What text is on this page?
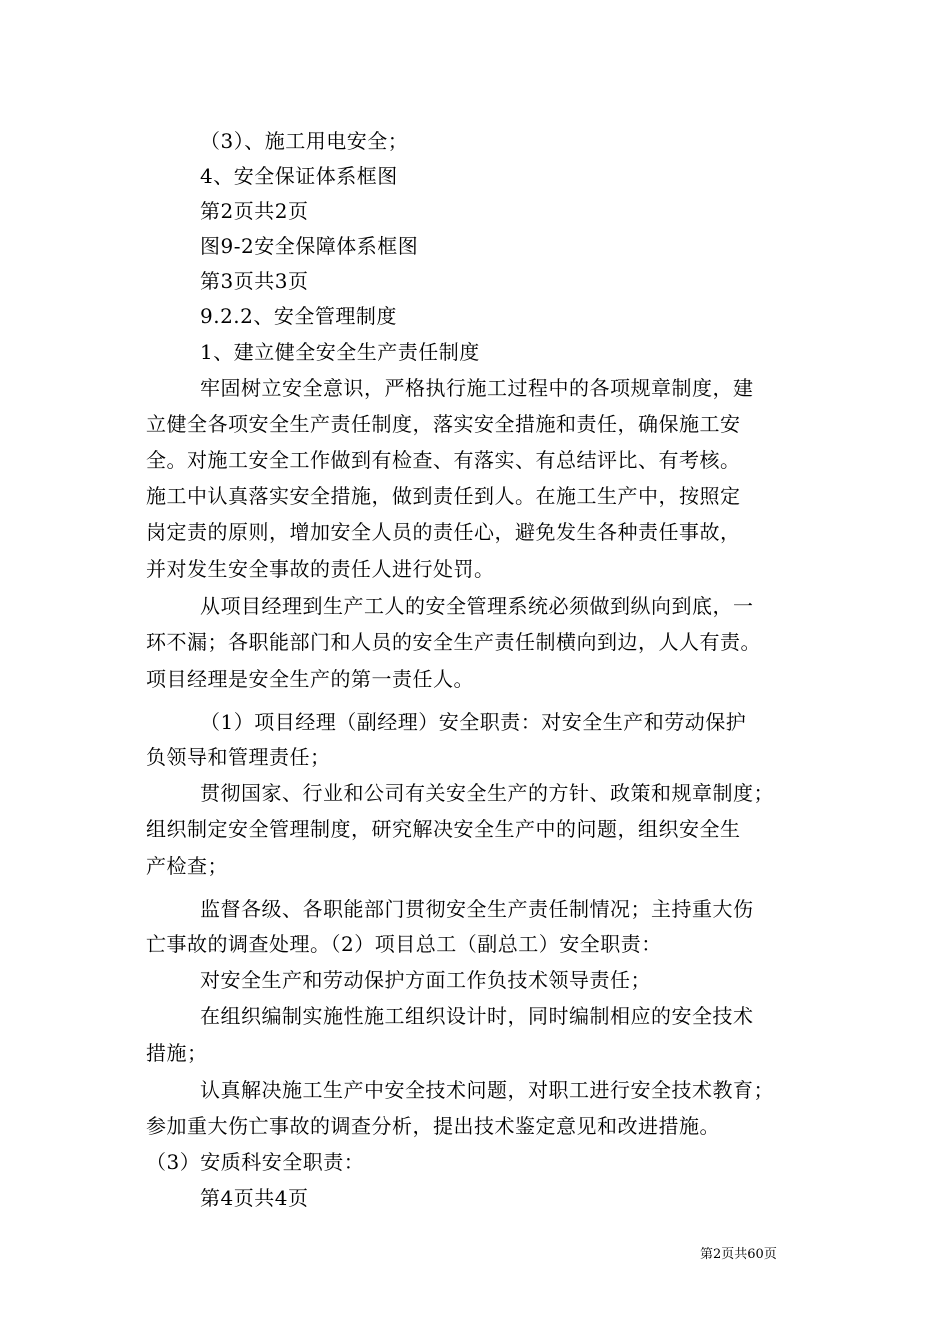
（3）、施工用电安全；
4、安全保证体系框图
第2页共2页
图9-2安全保障体系框图
第3页共3页
9.2.2、安全管理制度
1、建立健全安全生产责任制度
牢固树立安全意识，严格执行施工过程中的各项规章制度，建
立健全各项安全生产责任制度，落实安全措施和责任，确保施工安
全。对施工安全工作做到有检查、有落实、有总结评比、有考核。
施工中认真落实安全措施，做到责任到人。在施工生产中，按照定
岗定责的原则，增加安全人员的责任心，避免发生各种责任事故，
并对发生安全事故的责任人进行处罚。
从项目经理到生产工人的安全管理系统必须做到纵向到底，一
环不漏；各职能部门和人员的安全生产责任制横向到边，人人有责。
项目经理是安全生产的第一责任人。
（1）项目经理（副经理）安全职责：对安全生产和劳动保护
负领导和管理责任；
贯彻国家、行业和公司有关安全生产的方针、政策和规章制度；
组织制定安全管理制度，研究解决安全生产中的问题，组织安全生
产检查；
监督各级、各职能部门贯彻安全生产责任制情况；主持重大伤
亡事故的调查处理。（2）项目总工（副总工）安全职责：
对安全生产和劳动保护方面工作负技术领导责任；
在组织编制实施性施工组织设计时，同时编制相应的安全技术
措施；
认真解决施工生产中安全技术问题，对职工进行安全技术教育；
参加重大伤亡事故的调查分析，提出技术鉴定意见和改进措施。
（3）安质科安全职责：
第4页共4页
第2页共60页
